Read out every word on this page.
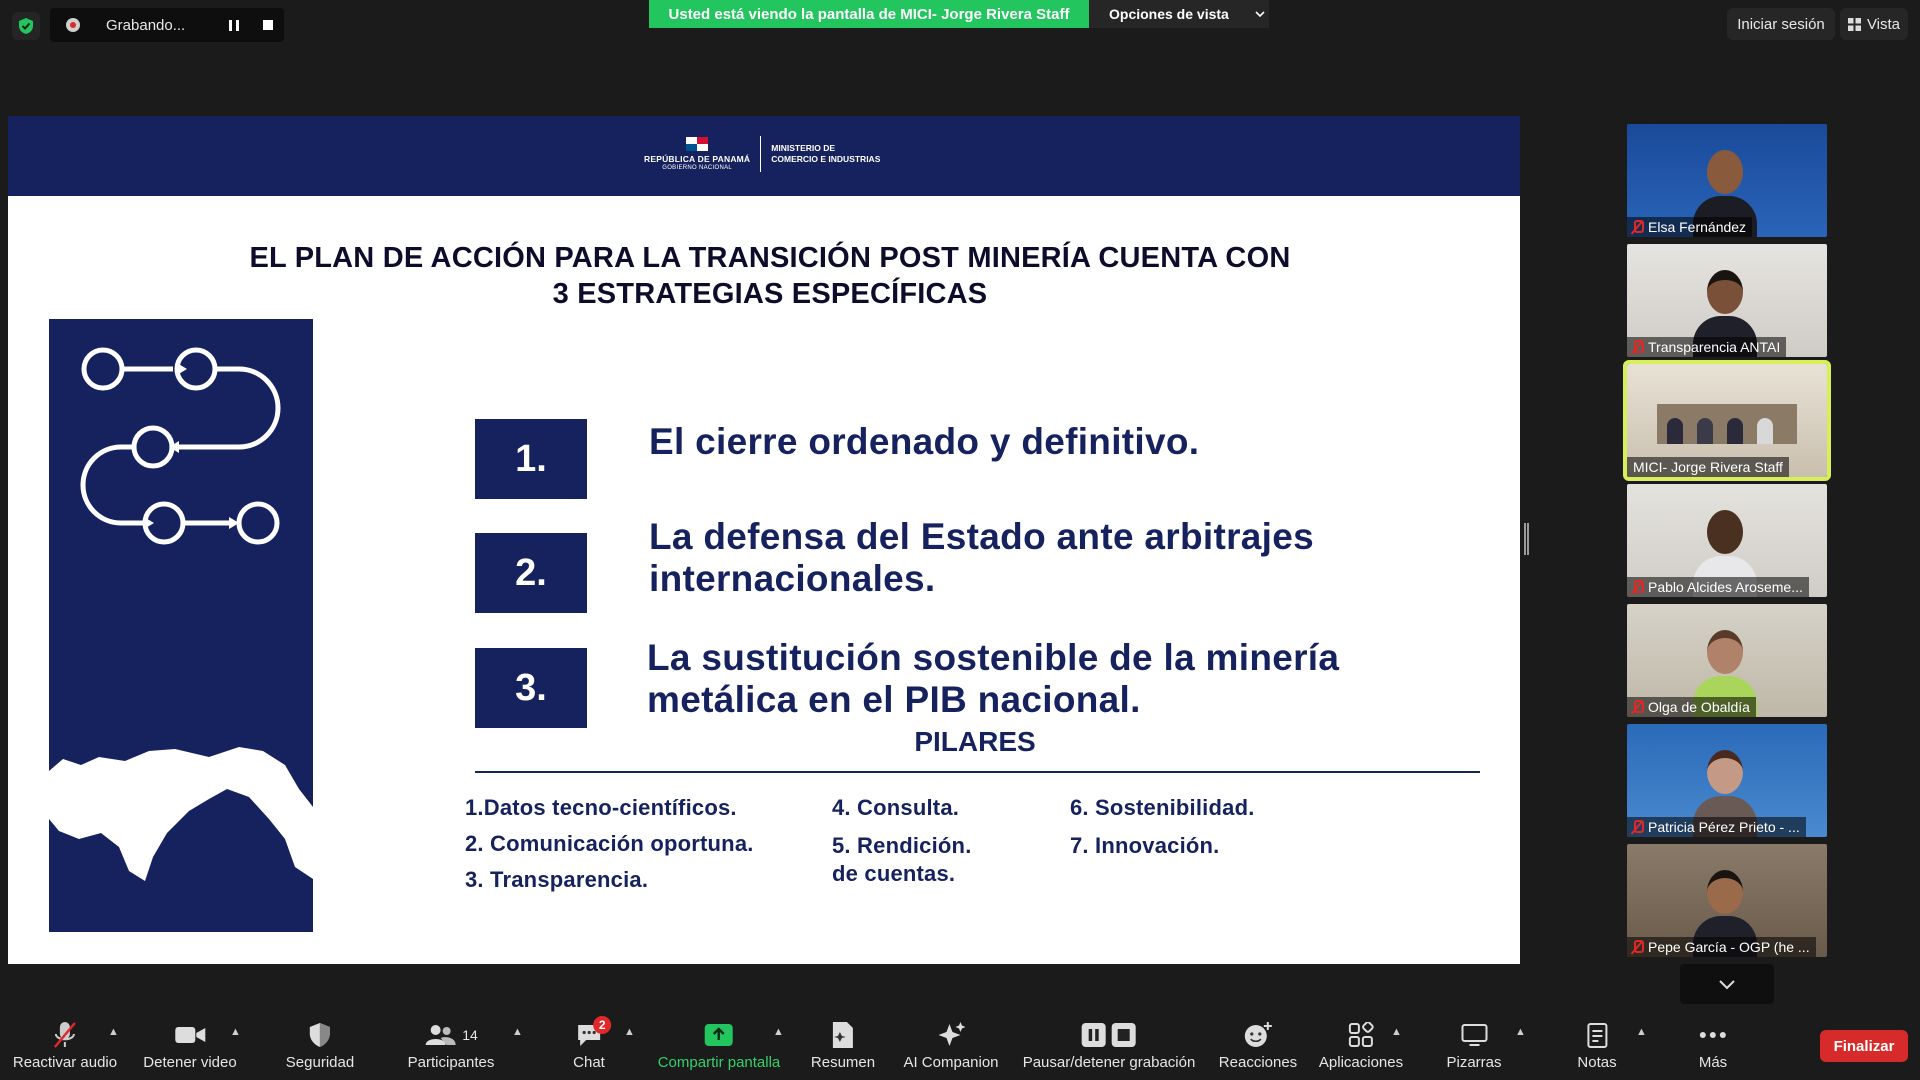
Grabando...
Usted está viendo la pantalla de MICI- Jorge Rivera Staff	Opciones de vista
Iniciar sesión	Vista
REPÚBLICA DE PANAMÁ
GOBIERNO NACIONAL
MINISTERIO DE
COMERCIO E INDUSTRIAS
EL PLAN DE ACCIÓN PARA LA TRANSICIÓN POST MINERÍA CUENTA CON
3 ESTRATEGIAS ESPECÍFICAS
1.	El cierre ordenado y definitivo.
2.
La defensa del Estado ante arbitrajes
internacionales.
3.
La sustitución sostenible de la minería
metálica en el PIB nacional.
PILARES
1.Datos tecno-científicos.
2. Comunicación oportuna.
3. Transparencia.
4. Consulta.
5. Rendición.
de cuentas.
6. Sostenibilidad.
7. Innovación.
Elsa Fernández
Transparencia ANTAI
MICI- Jorge Rivera Staff
Pablo Alcides Aroseme...
Olga de Obaldía
Patricia Pérez Prieto - ...
Pepe García - OGP (he ...
Reactivar audio
▲
Detener video
▲
Seguridad
14
Participantes
▲	2
Chat
▲
Compartir pantalla
▲
Resumen AI Companion Pausar/detener grabación Reacciones Aplicaciones
▲
Pizarras
▲
Notas
▲
Más
Finalizar
